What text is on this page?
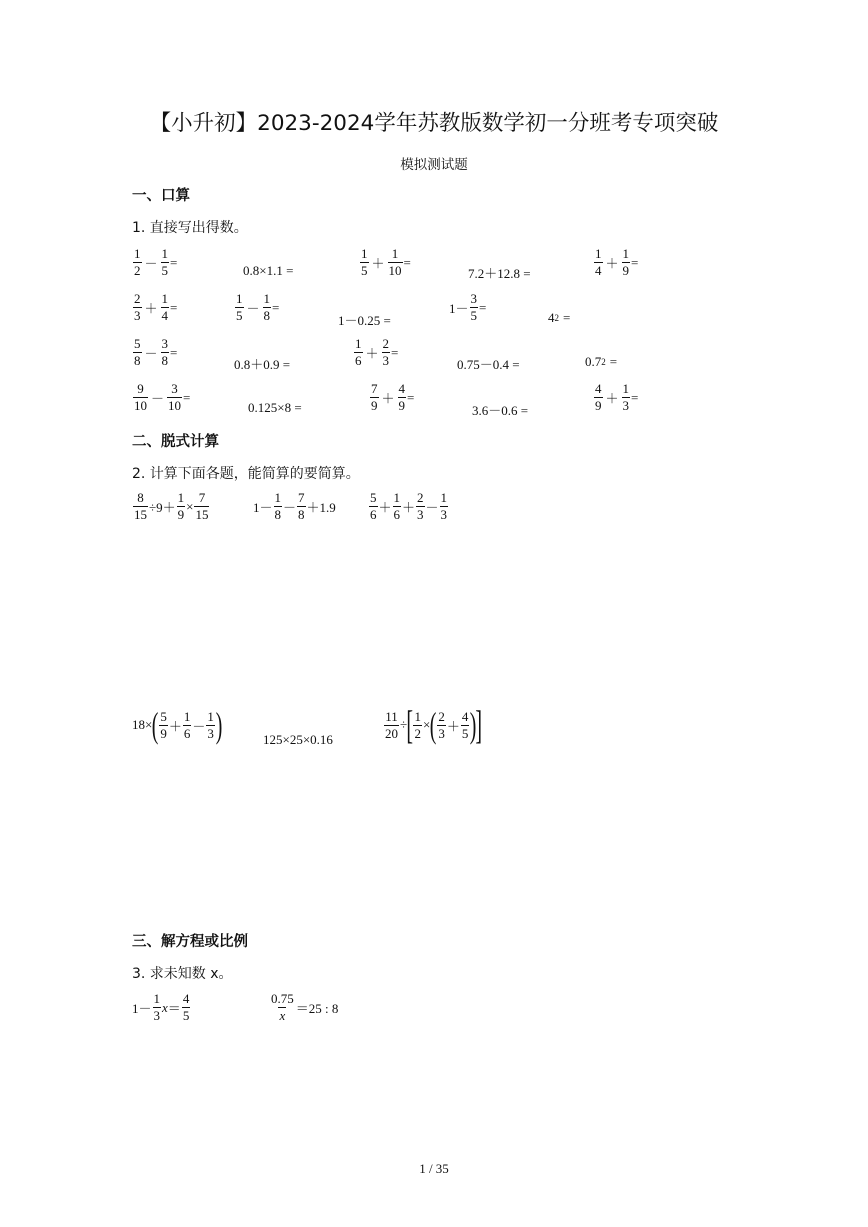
【小升初】2023-2024学年苏教版数学初一分班考专项突破
模拟测试题
一、口算
1. 直接写出得数。
1
$2 - \frac{1}{5}$ =
0.8×1.1 =
1
$5 + \frac{1}{10}$ =
7.2＋12.8 =
1
$4 + \frac{1}{9}$ =
2
$3 + \frac{1}{4}$ =
1
$5 - \frac{1}{8}$ =
1－0.25 =
$1- \frac{3}{5}$ =
4 2 =
5
$8 - \frac{3}{8}$ =
0.8＋0.9 =
1
$6 + \frac{2}{3}$ =
0.75－0.4 =	0.7 2 =
9
$10 - \frac{3}{10}$ =
0.125×8 =
7
$9 + \frac{4}{9}$ =
3.6－0.6 =
4
$9 + \frac{1}{3}$ =
二、脱式计算
2. 计算下面各题，能简算的要简算。
$\frac{8}{15} \div 9+ \frac{1}{9} \times \frac{7}{15}$	1－
1
8 －
7
8 ＋1.9
5
6 ＋
1
6 ＋
2
3 －
1
3
18× ( 5
9 ＋
1
6 －
1
3 )	125×25×0.16	$\frac{11}{20}$ ÷ [ $\frac{1}{2}$ × ( 2
3 ＋
4
5 ) ]
三、解方程或比例
3. 求未知数 x。
1－
1
3
x ＝
4
5
0.75
x ＝25 : 8
1 / 35
